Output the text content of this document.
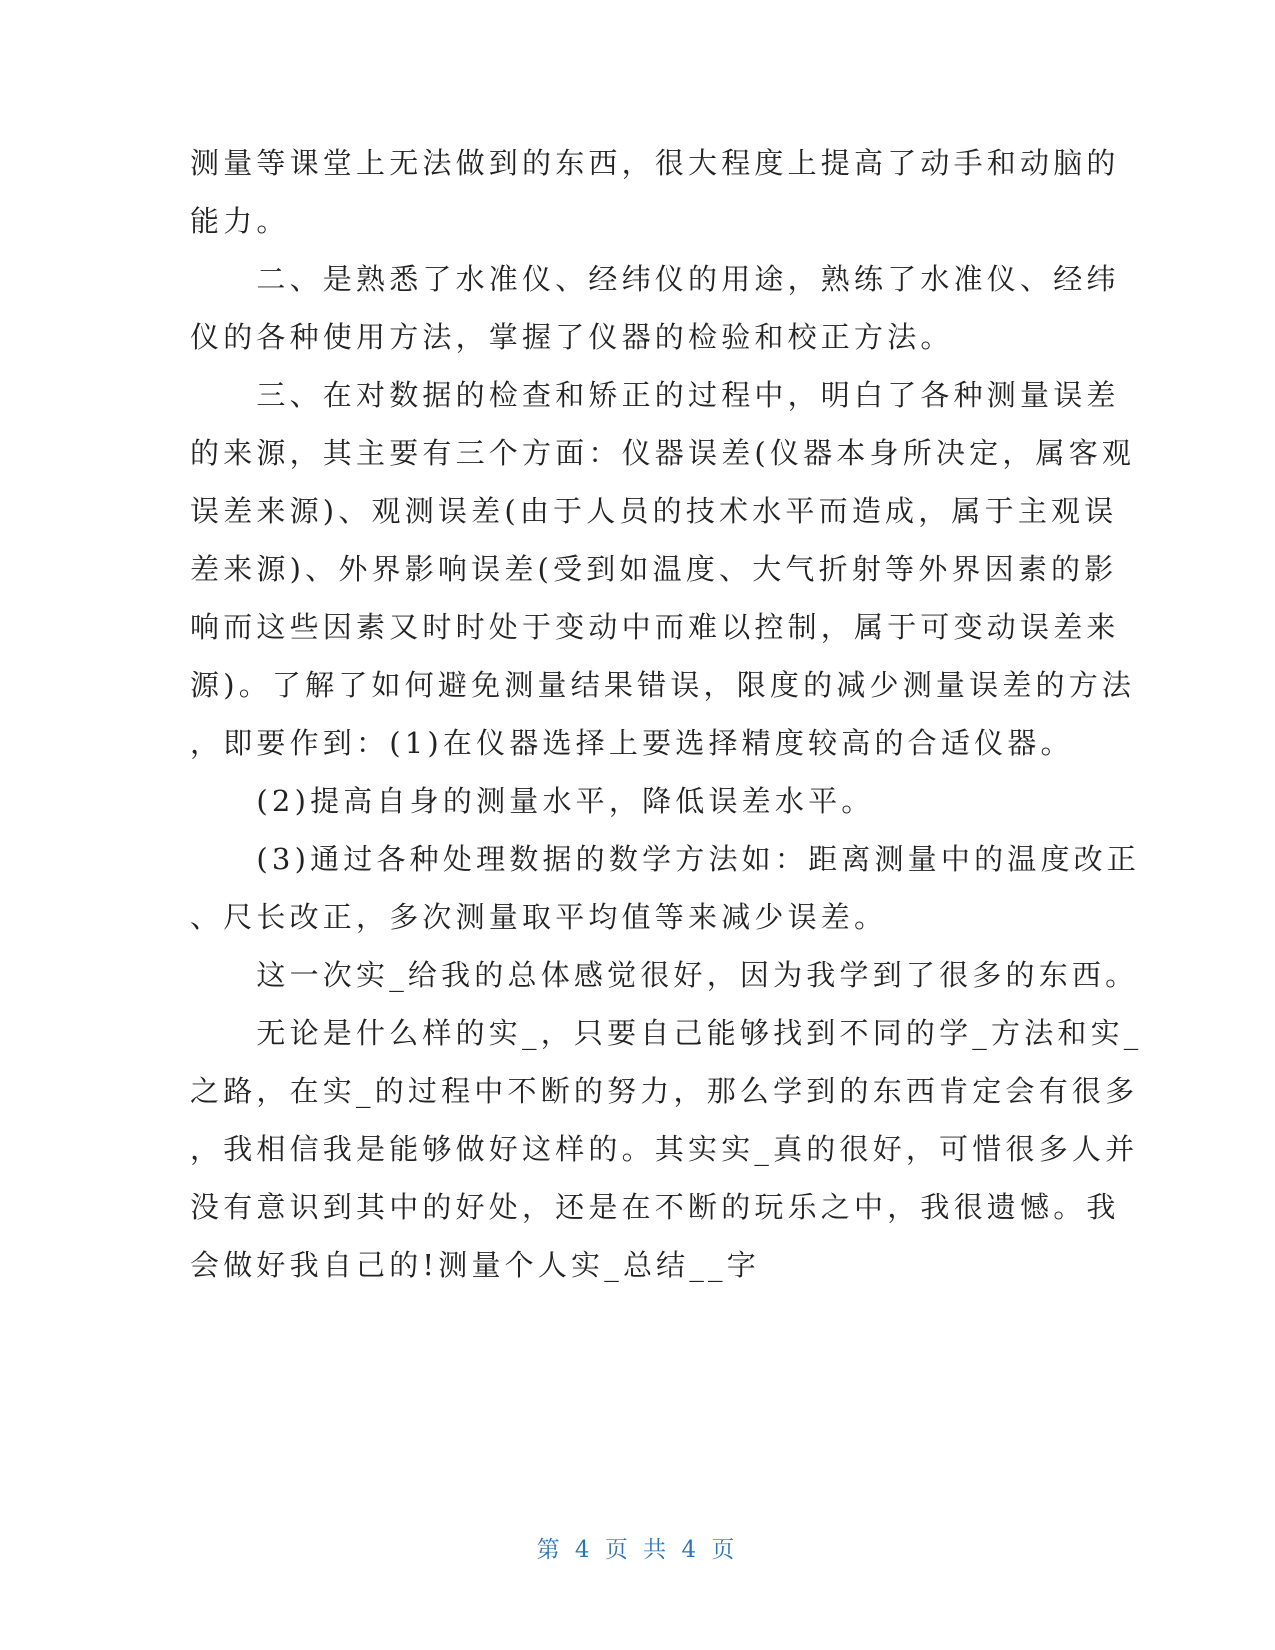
测量等课堂上无法做到的东西，很大程度上提高了动手和动脑的
能力。
　　二、是熟悉了水准仪、经纬仪的用途，熟练了水准仪、经纬
仪的各种使用方法，掌握了仪器的检验和校正方法。
　　三、在对数据的检查和矫正的过程中，明白了各种测量误差
的来源，其主要有三个方面：仪器误差(仪器本身所决定，属客观
误差来源)、观测误差(由于人员的技术水平而造成，属于主观误
差来源)、外界影响误差(受到如温度、大气折射等外界因素的影
响而这些因素又时时处于变动中而难以控制，属于可变动误差来
源)。了解了如何避免测量结果错误，限度的减少测量误差的方法
，即要作到：(1)在仪器选择上要选择精度较高的合适仪器。
　　(2)提高自身的测量水平，降低误差水平。
　　(3)通过各种处理数据的数学方法如：距离测量中的温度改正
、尺长改正，多次测量取平均值等来减少误差。
　　这一次实_给我的总体感觉很好，因为我学到了很多的东西。
　　无论是什么样的实_，只要自己能够找到不同的学_方法和实_
之路，在实_的过程中不断的努力，那么学到的东西肯定会有很多
，我相信我是能够做好这样的。其实实_真的很好，可惜很多人并
没有意识到其中的好处，还是在不断的玩乐之中，我很遗憾。我
会做好我自己的!测量个人实_总结__字
第 4 页 共 4 页
